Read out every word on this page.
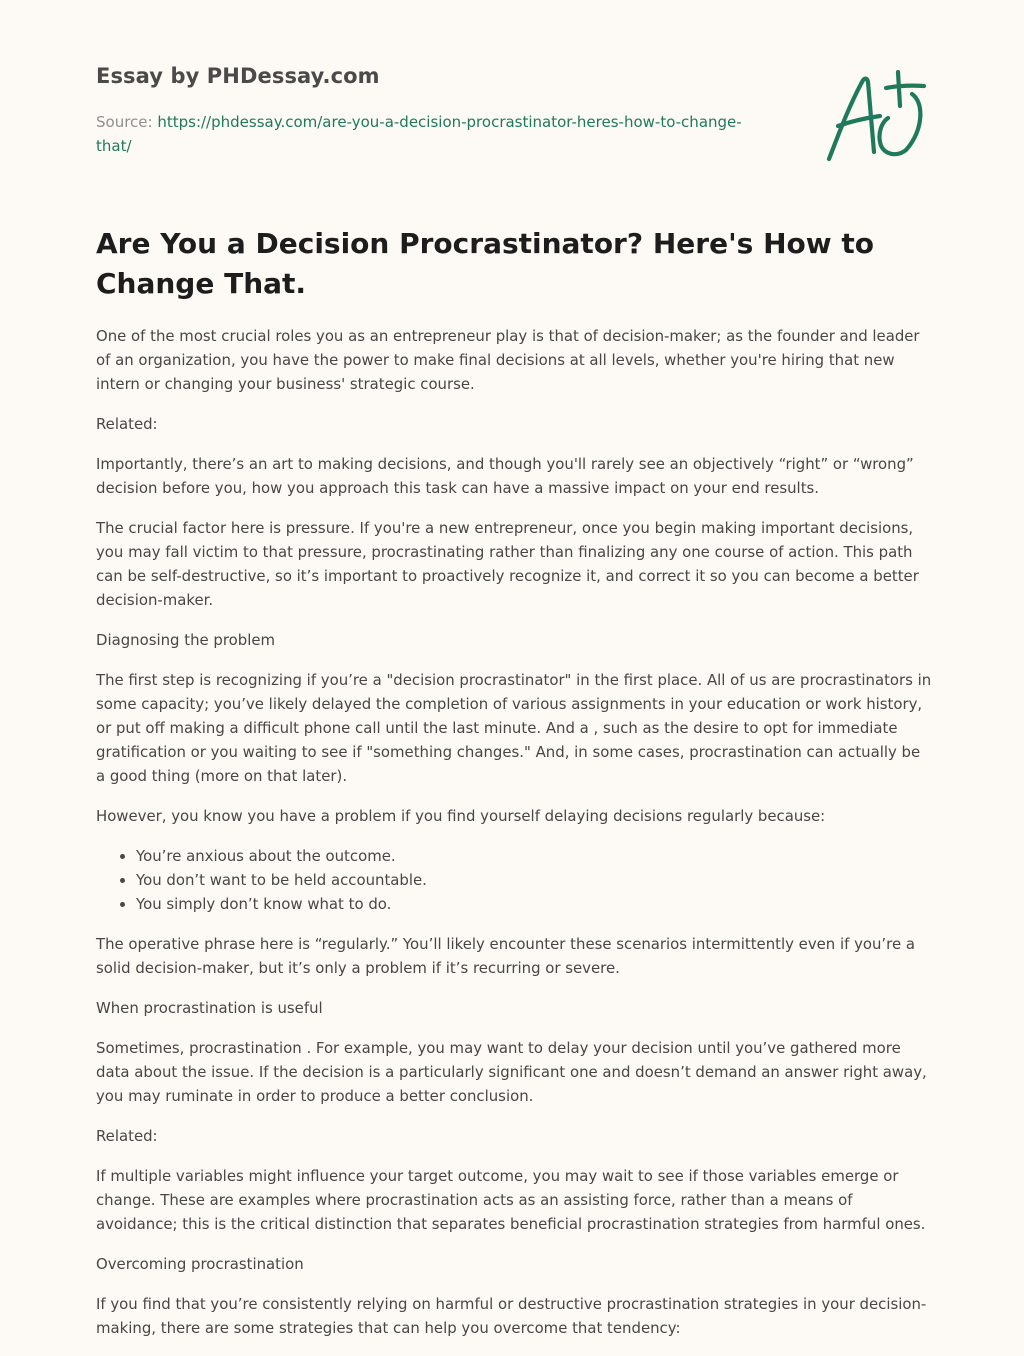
Essay by PHDessay.com
Source: https://phdessay.com/are-you-a-decision-procrastinator-heres-how-to-change-that/
Are You a Decision Procrastinator? Here's How to Change That.

One of the most crucial roles you as an entrepreneur play is that of decision-maker; as the founder and leader of an organization, you have the power to make final decisions at all levels, whether you're hiring that new intern or changing your business' strategic course.

Related:

Importantly, there’s an art to making decisions, and though you'll rarely see an objectively “right” or “wrong” decision before you, how you approach this task can have a massive impact on your end results.

The crucial factor here is pressure. If you're a new entrepreneur, once you begin making important decisions, you may fall victim to that pressure, procrastinating rather than finalizing any one course of action. This path can be self-destructive, so it’s important to proactively recognize it, and correct it so you can become a better decision-maker.

Diagnosing the problem

The first step is recognizing if you’re a "decision procrastinator" in the first place. All of us are procrastinators in some capacity; you’ve likely delayed the completion of various assignments in your education or work history, or put off making a difficult phone call until the last minute. And a , such as the desire to opt for immediate gratification or you waiting to see if "something changes." And, in some cases, procrastination can actually be a good thing (more on that later).

However, you know you have a problem if you find yourself delaying decisions regularly because:

• You’re anxious about the outcome.
• You don’t want to be held accountable.
• You simply don’t know what to do.

The operative phrase here is “regularly.” You’ll likely encounter these scenarios intermittently even if you’re a solid decision-maker, but it’s only a problem if it’s recurring or severe.

When procrastination is useful

Sometimes, procrastination . For example, you may want to delay your decision until you’ve gathered more data about the issue. If the decision is a particularly significant one and doesn’t demand an answer right away, you may ruminate in order to produce a better conclusion.

Related:

If multiple variables might influence your target outcome, you may wait to see if those variables emerge or change. These are examples where procrastination acts as an assisting force, rather than a means of avoidance; this is the critical distinction that separates beneficial procrastination strategies from harmful ones.

Overcoming procrastination

If you find that you’re consistently relying on harmful or destructive procrastination strategies in your decision-making, there are some strategies that can help you overcome that tendency:
